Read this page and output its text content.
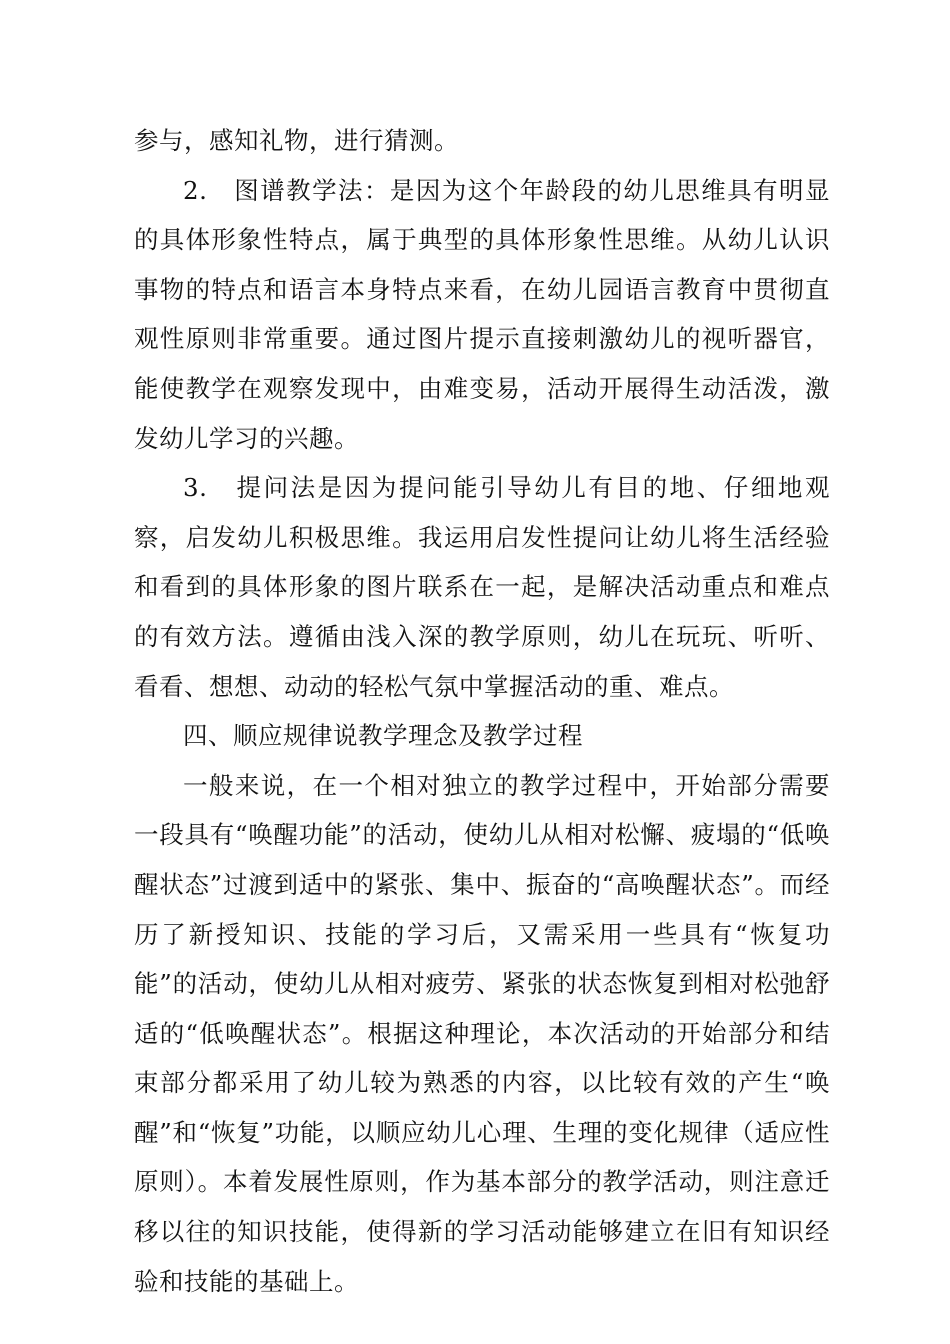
参与，感知礼物，进行猜测。

2.　图谱教学法：是因为这个年龄段的幼儿思维具有明显的具体形象性特点，属于典型的具体形象性思维。从幼儿认识事物的特点和语言本身特点来看，在幼儿园语言教育中贯彻直观性原则非常重要。通过图片提示直接刺激幼儿的视听器官，能使教学在观察发现中，由难变易，活动开展得生动活泼，激发幼儿学习的兴趣。

3.　提问法是因为提问能引导幼儿有目的地、仔细地观察，启发幼儿积极思维。我运用启发性提问让幼儿将生活经验和看到的具体形象的图片联系在一起，是解决活动重点和难点的有效方法。遵循由浅入深的教学原则，幼儿在玩玩、听听、看看、想想、动动的轻松气氛中掌握活动的重、难点。

四、顺应规律说教学理念及教学过程

一般来说，在一个相对独立的教学过程中，开始部分需要一段具有“唤醒功能”的活动，使幼儿从相对松懈、疲塌的“低唤醒状态”过渡到适中的紧张、集中、振奋的“高唤醒状态”。而经历了新授知识、技能的学习后，又需采用一些具有“恢复功能”的活动，使幼儿从相对疲劳、紧张的状态恢复到相对松弛舒适的“低唤醒状态”。根据这种理论，本次活动的开始部分和结束部分都采用了幼儿较为熟悉的内容，以比较有效的产生“唤醒”和“恢复”功能，以顺应幼儿心理、生理的变化规律（适应性原则）。本着发展性原则，作为基本部分的教学活动，则注意迁移以往的知识技能，使得新的学习活动能够建立在旧有知识经验和技能的基础上。
